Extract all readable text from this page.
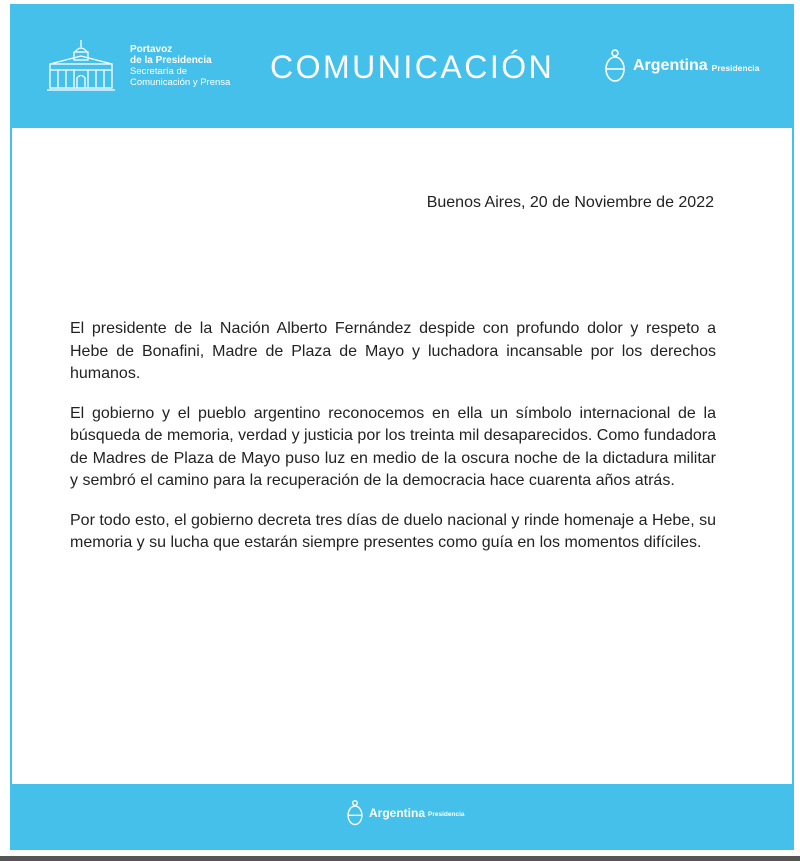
Portavoz
de la Presidencia
Secretaría de
Comunicación y Prensa COMUNICACIÓN	Argentina Presidencia
Buenos Aires, 20 de Noviembre de 2022

El presidente de la Nación Alberto Fernández despide con profundo dolor y respeto a Hebe de Bonafini, Madre de Plaza de Mayo y luchadora incansable por los derechos humanos.

El gobierno y el pueblo argentino reconocemos en ella un símbolo internacional de la búsqueda de memoria, verdad y justicia por los treinta mil desaparecidos. Como fundadora de Madres de Plaza de Mayo puso luz en medio de la oscura noche de la dictadura militar y sembró el camino para la recuperación de la democracia hace cuarenta años atrás.

Por todo esto, el gobierno decreta tres días de duelo nacional y rinde homenaje a Hebe, su memoria y su lucha que estarán siempre presentes como guía en los momentos difíciles.

Argentina Presidencia
